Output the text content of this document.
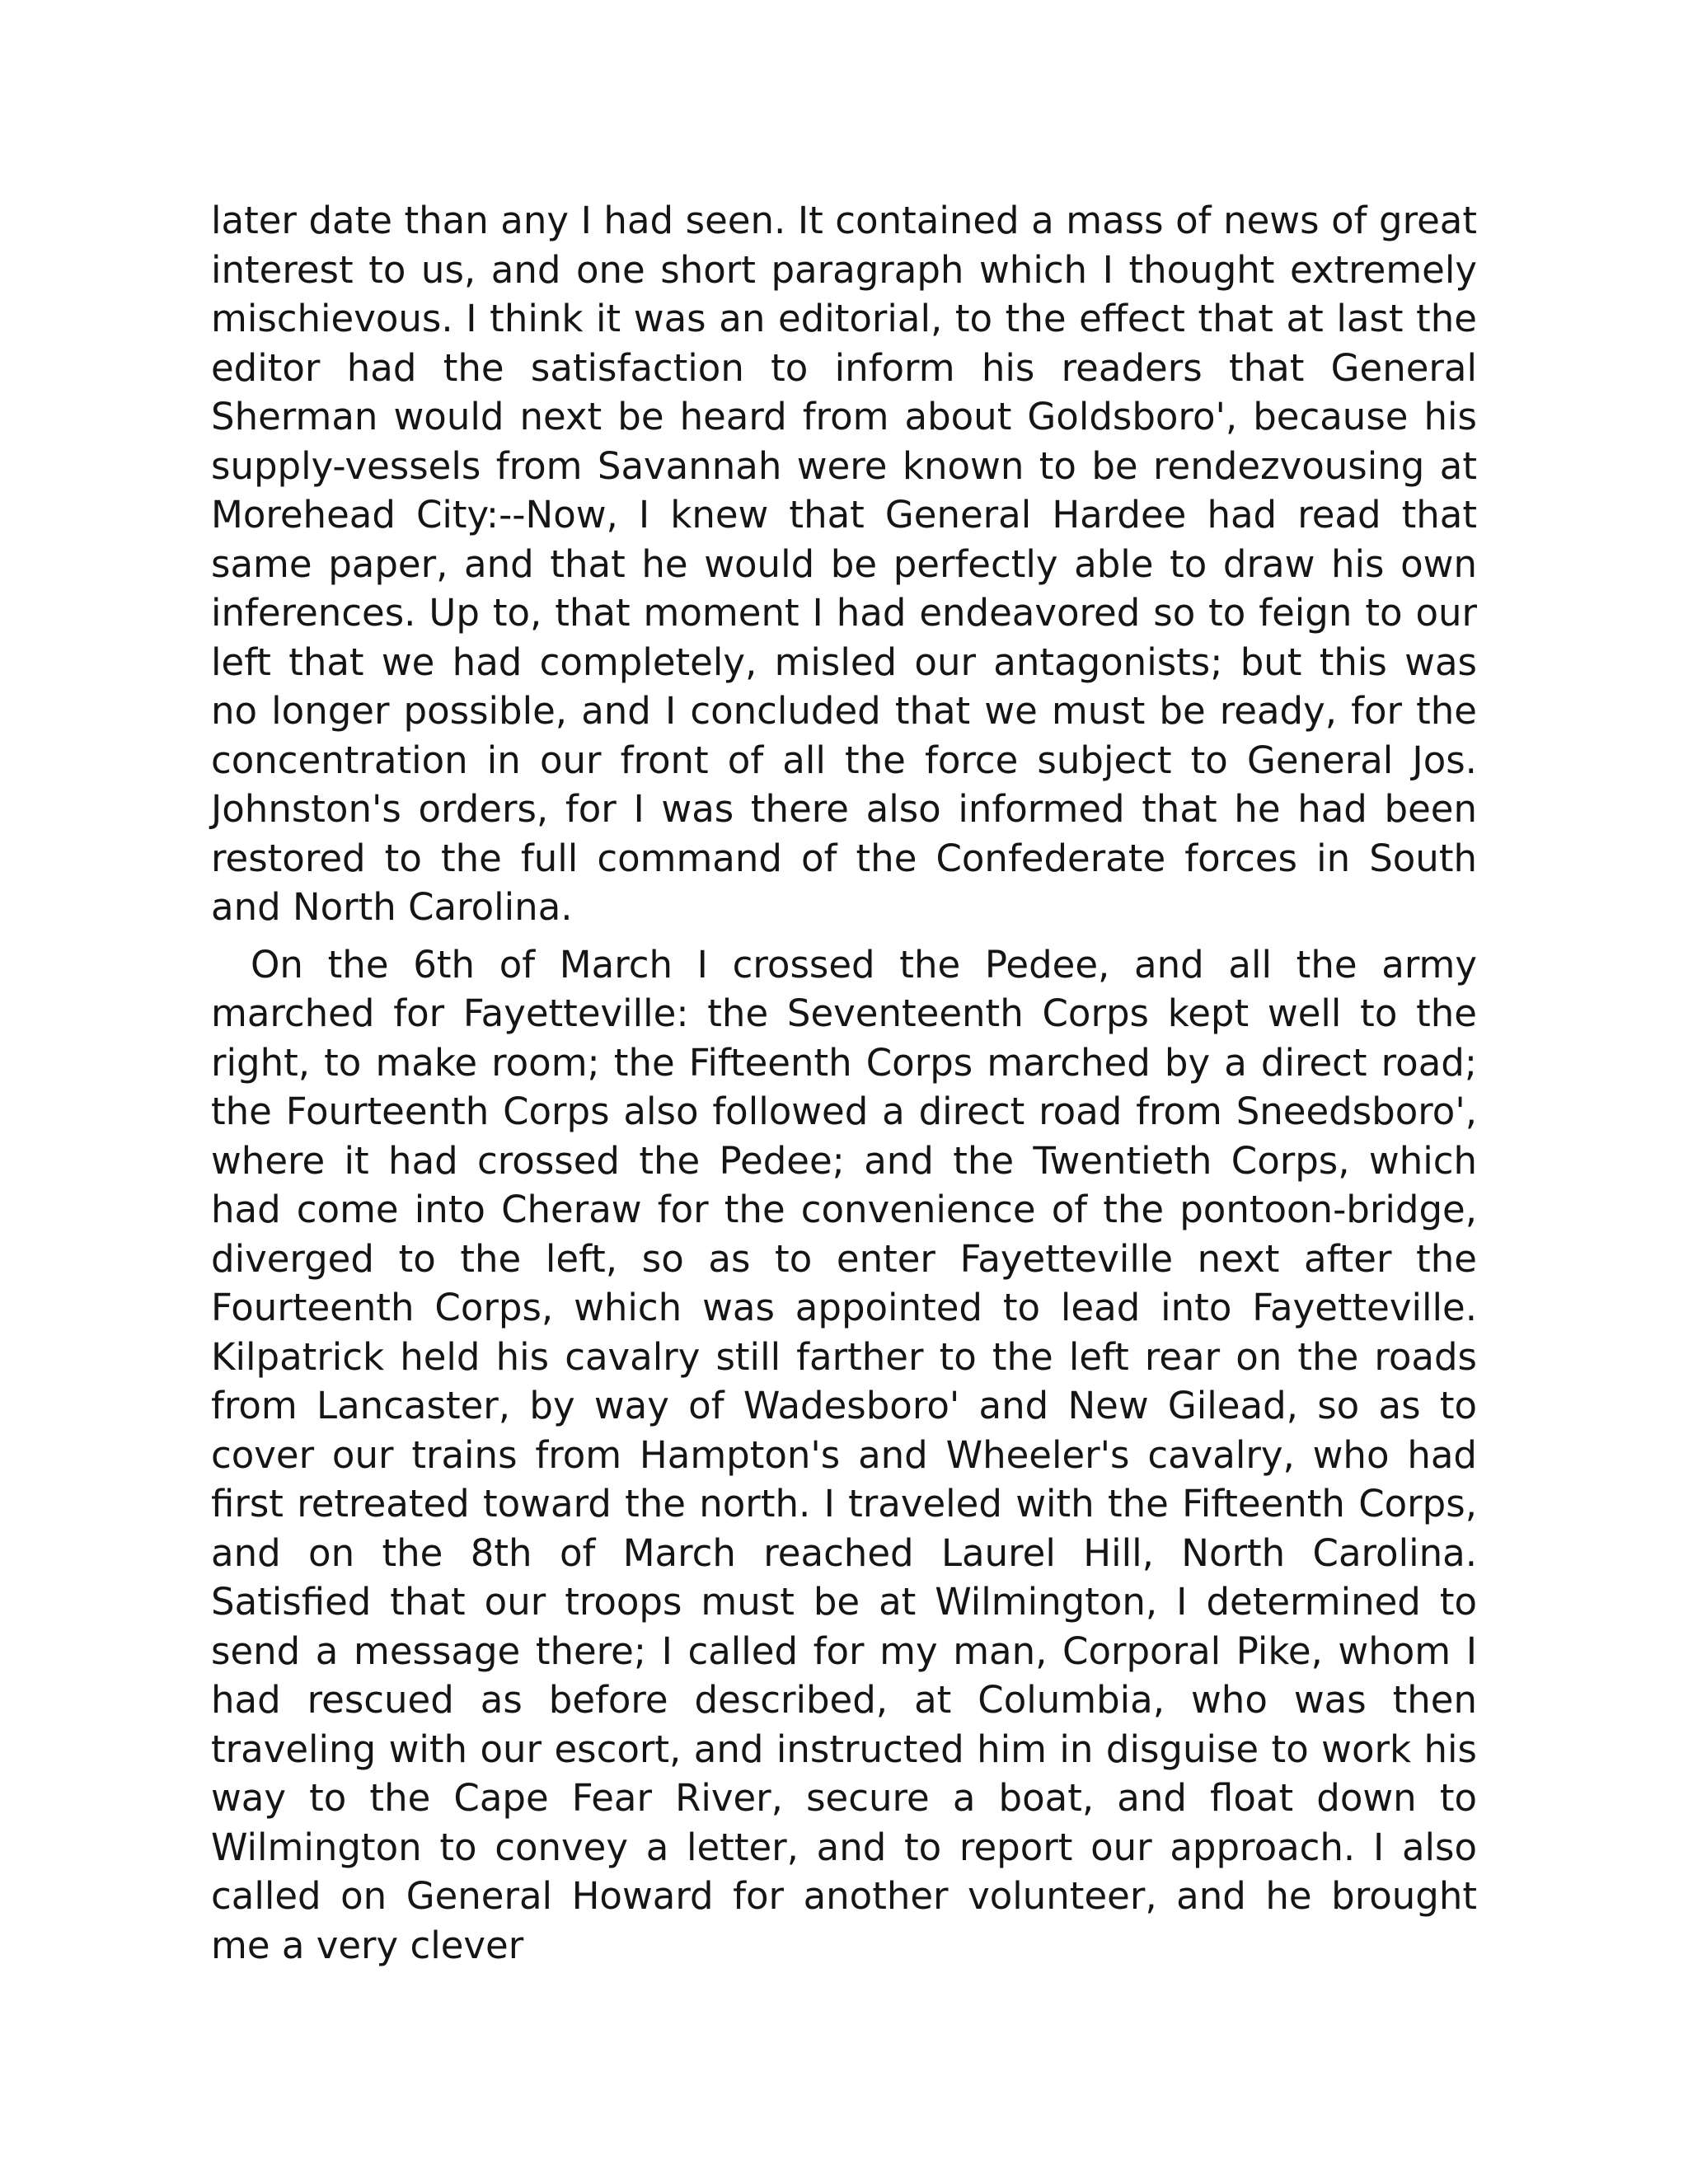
later date than any I had seen. It contained a mass of news of great interest to us, and one short paragraph which I thought extremely mischievous. I think it was an editorial, to the effect that at last the editor had the satisfaction to inform his readers that General Sherman would next be heard from about Goldsboro', because his supply-vessels from Savannah were known to be rendezvousing at Morehead City:--Now, I knew that General Hardee had read that same paper, and that he would be perfectly able to draw his own inferences. Up to, that moment I had endeavored so to feign to our left that we had completely, misled our antagonists; but this was no longer possible, and I concluded that we must be ready, for the concentration in our front of all the force subject to General Jos. Johnston's orders, for I was there also informed that he had been restored to the full command of the Confederate forces in South and North Carolina.

On the 6th of March I crossed the Pedee, and all the army marched for Fayetteville: the Seventeenth Corps kept well to the right, to make room; the Fifteenth Corps marched by a direct road; the Fourteenth Corps also followed a direct road from Sneedsboro', where it had crossed the Pedee; and the Twentieth Corps, which had come into Cheraw for the convenience of the pontoon-bridge, diverged to the left, so as to enter Fayetteville next after the Fourteenth Corps, which was appointed to lead into Fayetteville. Kilpatrick held his cavalry still farther to the left rear on the roads from Lancaster, by way of Wadesboro' and New Gilead, so as to cover our trains from Hampton's and Wheeler's cavalry, who had first retreated toward the north. I traveled with the Fifteenth Corps, and on the 8th of March reached Laurel Hill, North Carolina. Satisfied that our troops must be at Wilmington, I determined to send a message there; I called for my man, Corporal Pike, whom I had rescued as before described, at Columbia, who was then traveling with our escort, and instructed him in disguise to work his way to the Cape Fear River, secure a boat, and float down to Wilmington to convey a letter, and to report our approach. I also called on General Howard for another volunteer, and he brought me a very clever
